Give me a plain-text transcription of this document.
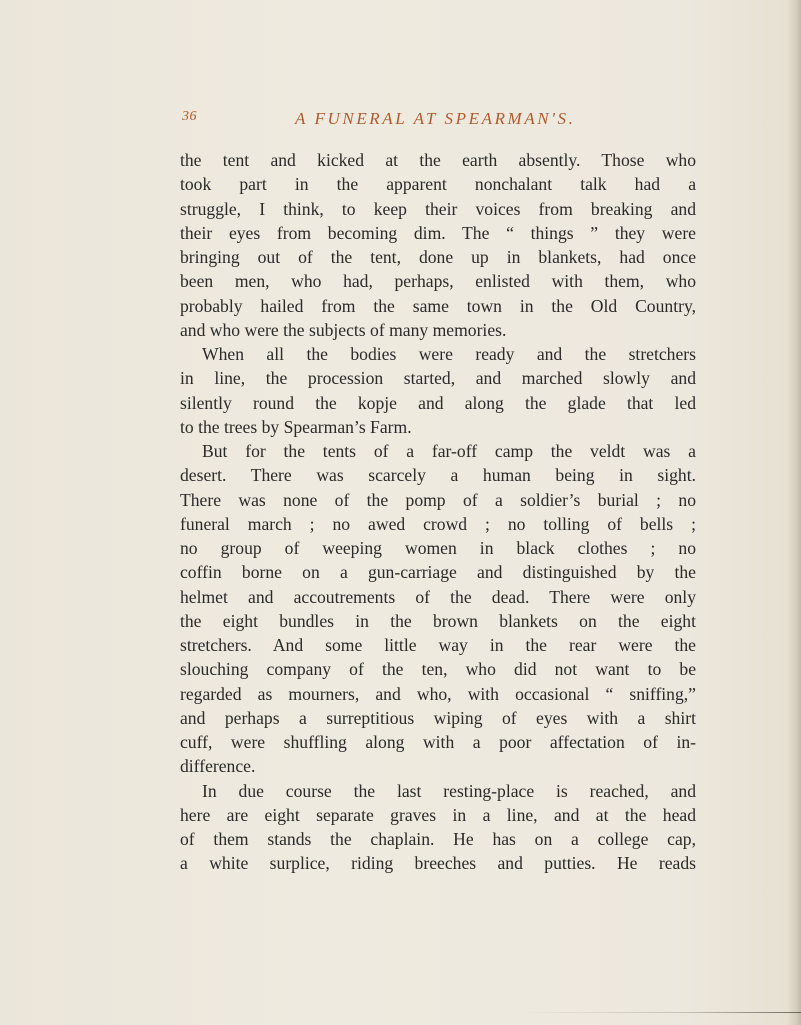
36	A FUNERAL AT SPEARMAN'S.
the tent and kicked at the earth absently. Those who
took part in the apparent nonchalant talk had a
struggle, I think, to keep their voices from breaking and
their eyes from becoming dim. The “ things ” they were
bringing out of the tent, done up in blankets, had once
been men, who had, perhaps, enlisted with them, who
probably hailed from the same town in the Old Country,
and who were the subjects of many memories.
When all the bodies were ready and the stretchers
in line, the procession started, and marched slowly and
silently round the kopje and along the glade that led
to the trees by Spearman’s Farm.
But for the tents of a far-off camp the veldt was a
desert. There was scarcely a human being in sight.
There was none of the pomp of a soldier’s burial ; no
funeral march ; no awed crowd ; no tolling of bells ;
no group of weeping women in black clothes ; no
coffin borne on a gun-carriage and distinguished by the
helmet and accoutrements of the dead. There were only
the eight bundles in the brown blankets on the eight
stretchers. And some little way in the rear were the
slouching company of the ten, who did not want to be
regarded as mourners, and who, with occasional “ sniffing,”
and perhaps a surreptitious wiping of eyes with a shirt
cuff, were shuffling along with a poor affectation of in-
difference.
In due course the last resting-place is reached, and
here are eight separate graves in a line, and at the head
of them stands the chaplain. He has on a college cap,
a white surplice, riding breeches and putties. He reads
